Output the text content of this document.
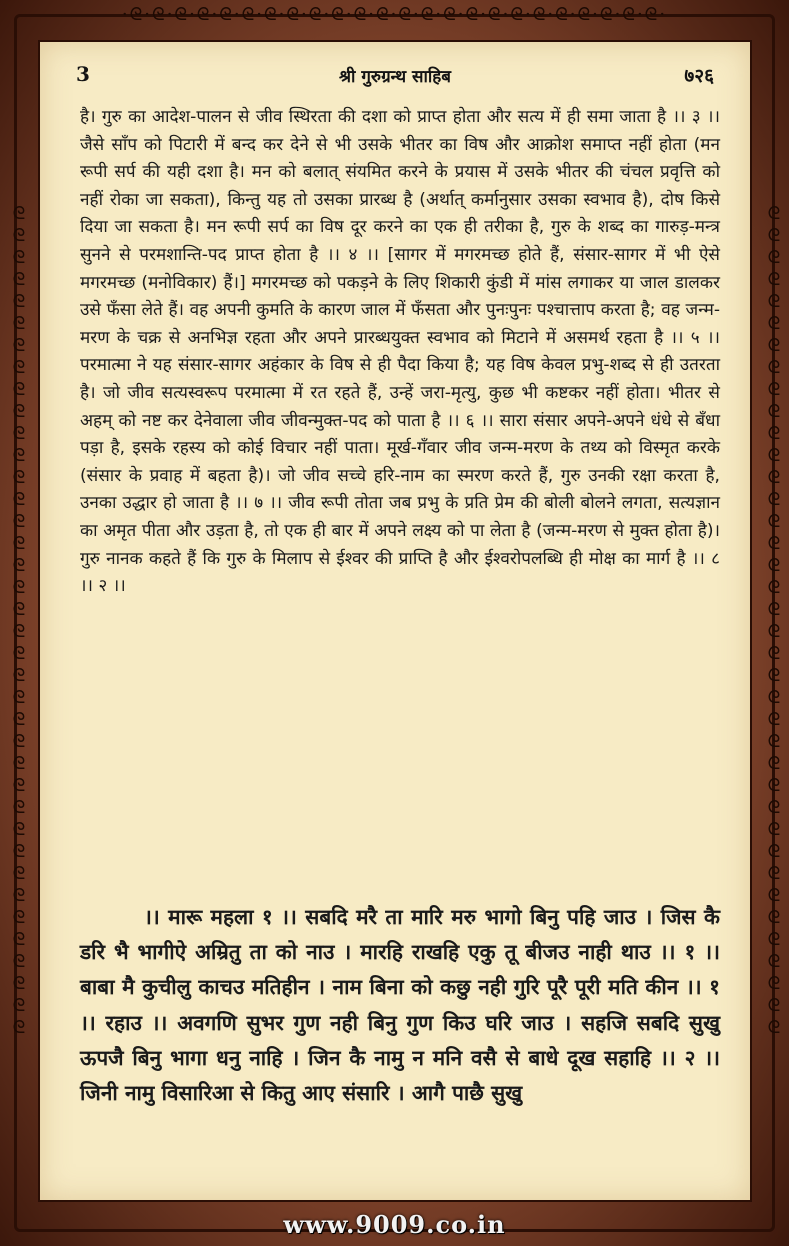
·ᘓ·ᘓ·ᘓ·ᘓ·ᘓ·ᘓ·ᘓ·ᘓ·ᘓ·ᘓ·ᘓ·ᘓ·ᘓ·ᘓ·ᘓ·ᘓ·ᘓ·ᘓ·ᘓ·ᘓ·ᘓ·ᘓ·ᘓ·ᘓ·
ᘓᘓᘓᘓᘓᘓᘓᘓᘓᘓᘓᘓᘓᘓᘓᘓᘓᘓᘓᘓᘓᘓᘓᘓᘓᘓᘓᘓᘓᘓᘓᘓᘓᘓᘓᘓᘓᘓ	ᘓᘓᘓᘓᘓᘓᘓᘓᘓᘓᘓᘓᘓᘓᘓᘓᘓᘓᘓᘓᘓᘓᘓᘓᘓᘓᘓᘓᘓᘓᘓᘓᘓᘓᘓᘓᘓᘓ
3	श्री गुरुग्रन्थ साहिब	७२६

है। गुरु का आदेश-पालन से जीव स्थिरता की दशा को प्राप्त होता और सत्य में ही समा जाता है ।। ३ ।। जैसे साँप को पिटारी में बन्द कर देने से भी उसके भीतर का विष और आक्रोश समाप्त नहीं होता (मन रूपी सर्प की यही दशा है। मन को बलात् संयमित करने के प्रयास में उसके भीतर की चंचल प्रवृत्ति को नहीं रोका जा सकता), किन्तु यह तो उसका प्रारब्ध है (अर्थात् कर्मानुसार उसका स्वभाव है), दोष किसे दिया जा सकता है। मन रूपी सर्प का विष दूर करने का एक ही तरीका है, गुरु के शब्द का गारुड़-मन्त्र सुनने से परमशान्ति-पद प्राप्त होता है ।। ४ ।। [सागर में मगरमच्छ होते हैं, संसार-सागर में भी ऐसे मगरमच्छ (मनोविकार) हैं।] मगरमच्छ को पकड़ने के लिए शिकारी कुंडी में मांस लगाकर या जाल डालकर उसे फँसा लेते हैं। वह अपनी कुमति के कारण जाल में फँसता और पुनःपुनः पश्चात्ताप करता है; वह जन्म-मरण के चक्र से अनभिज्ञ रहता और अपने प्रारब्धयुक्त स्वभाव को मिटाने में असमर्थ रहता है ।। ५ ।। परमात्मा ने यह संसार-सागर अहंकार के विष से ही पैदा किया है; यह विष केवल प्रभु-शब्द से ही उतरता है। जो जीव सत्यस्वरूप परमात्मा में रत रहते हैं, उन्हें जरा-मृत्यु, कुछ भी कष्टकर नहीं होता। भीतर से अहम् को नष्ट कर देनेवाला जीव जीवन्मुक्त-पद को पाता है ।। ६ ।। सारा संसार अपने-अपने धंधे से बँधा पड़ा है, इसके रहस्य को कोई विचार नहीं पाता। मूर्ख-गँवार जीव जन्म-मरण के तथ्य को विस्मृत करके (संसार के प्रवाह में बहता है)। जो जीव सच्चे हरि-नाम का स्मरण करते हैं, गुरु उनकी रक्षा करता है, उनका उद्धार हो जाता है ।। ७ ।। जीव रूपी तोता जब प्रभु के प्रति प्रेम की बोली बोलने लगता, सत्यज्ञान का अमृत पीता और उड़ता है, तो एक ही बार में अपने लक्ष्य को पा लेता है (जन्म-मरण से मुक्त होता है)। गुरु नानक कहते हैं कि गुरु के मिलाप से ईश्वर की प्राप्ति है और ईश्वरोपलब्धि ही मोक्ष का मार्ग है ।। ८ ।। २ ।।

।। मारू महला १ ।। सबदि मरै ता मारि मरु भागो बिनु पहि जाउ । जिस कै डरि भै भागीऐ अम्रितु ता को नाउ । मारहि राखहि एकु तू बीजउ नाही थाउ ।। १ ।। बाबा मै कुचीलु काचउ मतिहीन । नाम बिना को कछु नही गुरि पूरै पूरी मति कीन ।। १ ।। रहाउ ।। अवगणि सुभर गुण नही बिनु गुण किउ घरि जाउ । सहजि सबदि सुखु ऊपजै बिनु भागा धनु नाहि । जिन कै नामु न मनि वसै से बाधे दूख सहाहि ।। २ ।। जिनी नामु विसारिआ से कितु आए संसारि । आगै पाछै सुखु

www.9009.co.in
